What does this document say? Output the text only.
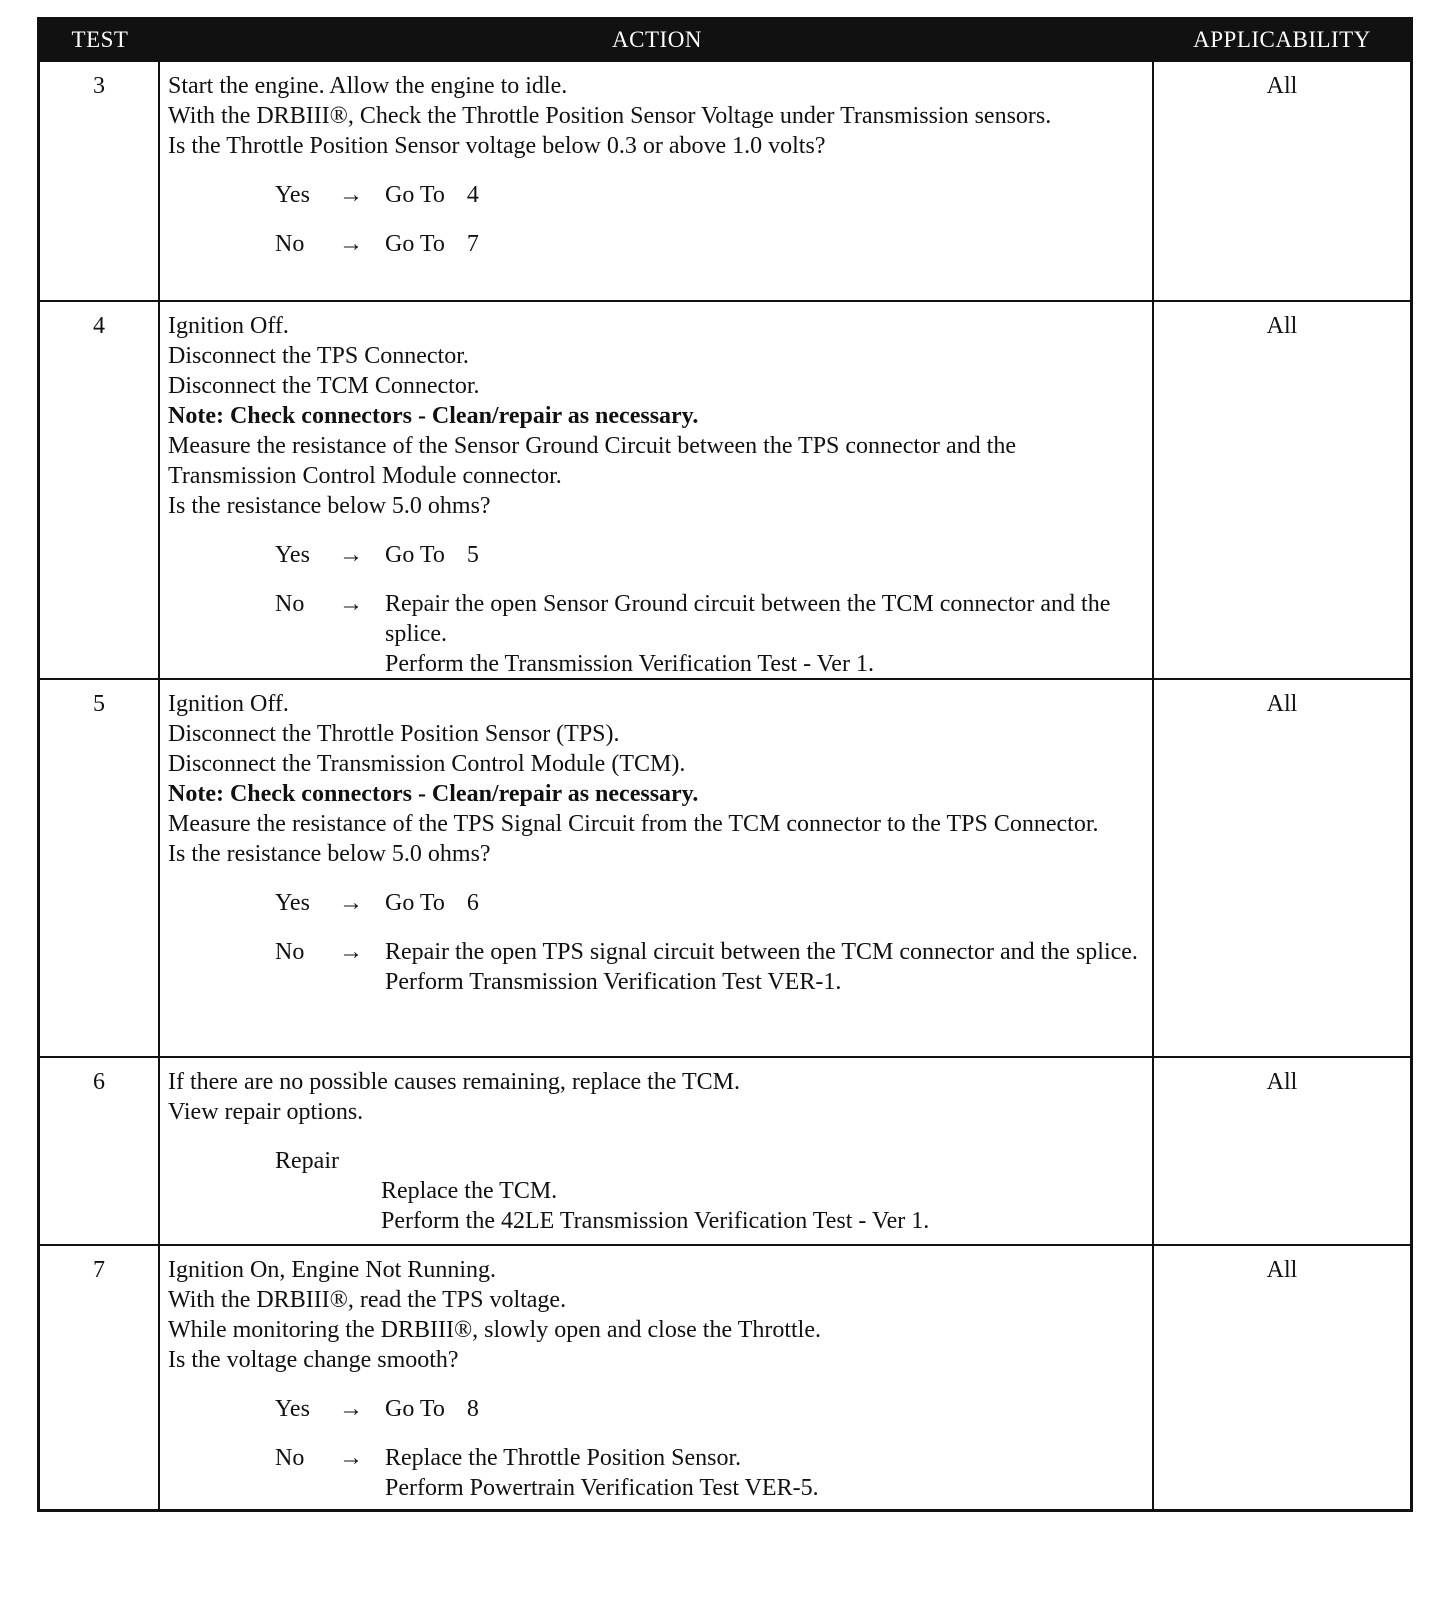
TEST	ACTION	APPLICABILITY
3	Start the engine. Allow the engine to idle.
With the DRBIII®, Check the Throttle Position Sensor Voltage under Transmission sensors.
Is the Throttle Position Sensor voltage below 0.3 or above 1.0 volts?
Yes	→ Go To 4
No	→ Go To 7
All
4	Ignition Off.
Disconnect the TPS Connector.
Disconnect the TCM Connector.
Note: Check connectors - Clean/repair as necessary.
Measure the resistance of the Sensor Ground Circuit between the TPS connector and the Transmission Control Module connector.
Is the resistance below 5.0 ohms?
Yes	→ Go To 5
No	→ Repair the open Sensor Ground circuit between the TCM connector and the splice.
Perform the Transmission Verification Test - Ver 1.
All
5	Ignition Off.
Disconnect the Throttle Position Sensor (TPS).
Disconnect the Transmission Control Module (TCM).
Note: Check connectors - Clean/repair as necessary.
Measure the resistance of the TPS Signal Circuit from the TCM connector to the TPS Connector.
Is the resistance below 5.0 ohms?
Yes	→ Go To 6
No	→ Repair the open TPS signal circuit between the TCM connector and the splice.
Perform Transmission Verification Test VER-1.
All
6	If there are no possible causes remaining, replace the TCM.
View repair options.
Repair
Replace the TCM.
Perform the 42LE Transmission Verification Test - Ver 1.
All
7	Ignition On, Engine Not Running.
With the DRBIII®, read the TPS voltage.
While monitoring the DRBIII®, slowly open and close the Throttle.
Is the voltage change smooth?
Yes	→ Go To 8
No	→ Replace the Throttle Position Sensor.
Perform Powertrain Verification Test VER-5.
All
